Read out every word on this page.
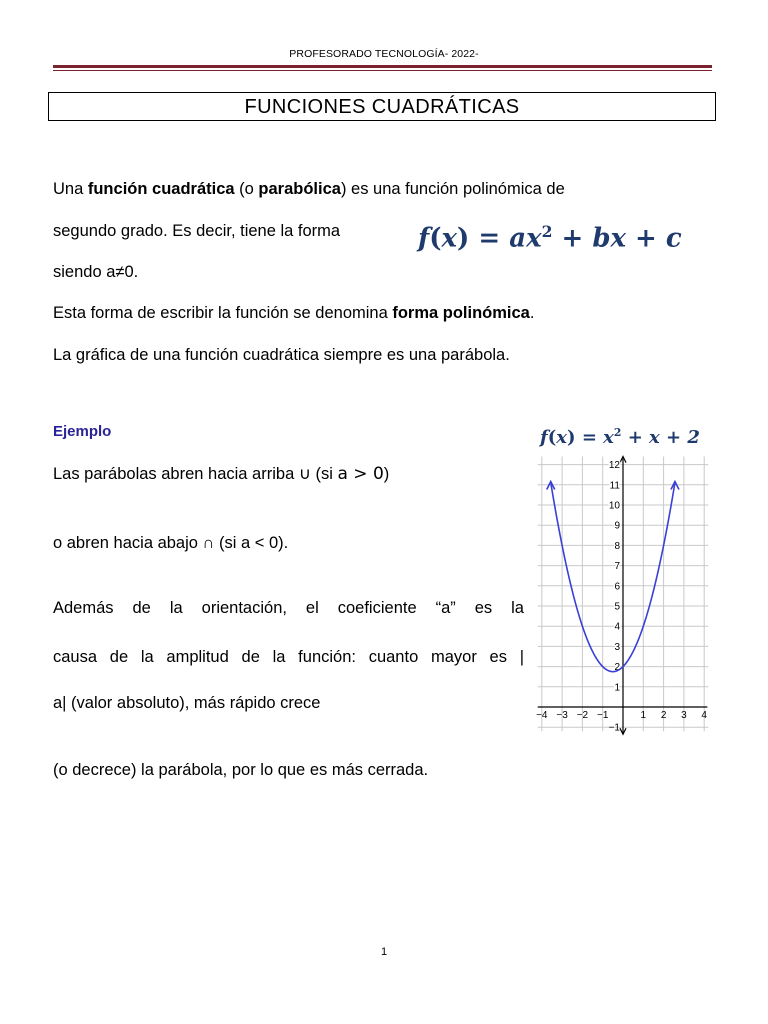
PROFESORADO TECNOLOGÍA- 2022-
FUNCIONES CUADRÁTICAS
Una función cuadrática (o parabólica) es una función polinómica de
segundo grado. Es decir, tiene la forma	$f(x) = ax^2$ + bx + c
siendo a≠0.
Esta forma de escribir la función se denomina forma polinómica.
La gráfica de una función cuadrática siempre es una parábola.
Ejemplo	$f(x) = x^2 + x + 2$
Las parábolas abren hacia arriba ∪ (si a > 0)
o abren hacia abajo ∩ (si a < 0).
Además de la orientación, el coeficiente “a” es la
causa de la amplitud de la función: cuanto mayor es |
a| (valor absoluto), más rápido crece
(o decrece) la parábola, por lo que es más cerrada.
−4 −3 −2 −1	1 2 3 4
1
2
3
4
5
6
7
8
9
10
11
12
−1
1
